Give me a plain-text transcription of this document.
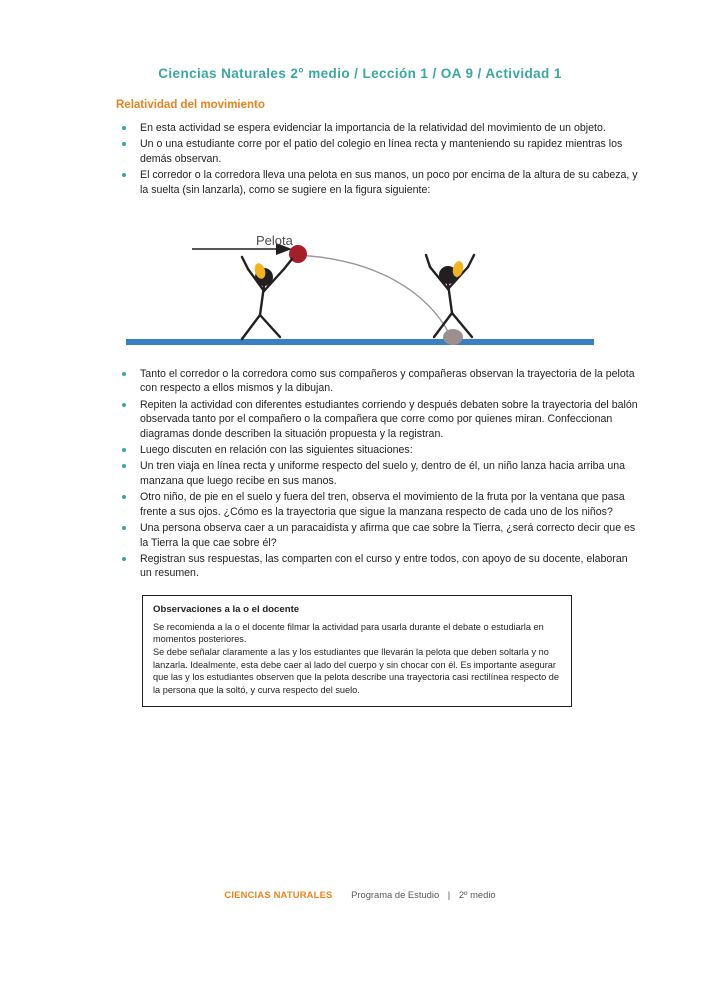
Ciencias Naturales 2° medio / Lección 1 / OA 9 / Actividad 1
Relatividad del movimiento
En esta actividad se espera evidenciar la importancia de la relatividad del movimiento de un objeto.
Un o una estudiante corre por el patio del colegio en línea recta y manteniendo su rapidez mientras los demás observan.
El corredor o la corredora lleva una pelota en sus manos, un poco por encima de la altura de su cabeza, y la suelta (sin lanzarla), como se sugiere en la figura siguiente:
Pelota
Tanto el corredor o la corredora como sus compañeros y compañeras observan la trayectoria de la pelota con respecto a ellos mismos y la dibujan.
Repiten la actividad con diferentes estudiantes corriendo y después debaten sobre la trayectoria del balón observada tanto por el compañero o la compañera que corre como por quienes miran. Confeccionan diagramas donde describen la situación propuesta y la registran.
Luego discuten en relación con las siguientes situaciones:
Un tren viaja en línea recta y uniforme respecto del suelo y, dentro de él, un niño lanza hacia arriba una manzana que luego recibe en sus manos.
Otro niño, de pie en el suelo y fuera del tren, observa el movimiento de la fruta por la ventana que pasa frente a sus ojos. ¿Cómo es la trayectoria que sigue la manzana respecto de cada uno de los niños?
Una persona observa caer a un paracaidista y afirma que cae sobre la Tierra, ¿será correcto decir que es la Tierra la que cae sobre él?
Registran sus respuestas, las comparten con el curso y entre todos, con apoyo de su docente, elaboran un resumen.
Observaciones a la o el docente
Se recomienda a la o el docente filmar la actividad para usarla durante el debate o estudiarla en momentos posteriores.
Se debe señalar claramente a las y los estudiantes que llevarán la pelota que deben soltarla y no lanzarla. Idealmente, esta debe caer al lado del cuerpo y sin chocar con él. Es importante asegurar que las y los estudiantes observen que la pelota describe una trayectoria casi rectilínea respecto de la persona que la soltó, y curva respecto del suelo.
CIENCIAS NATURALES Programa de Estudio | 2º medio
